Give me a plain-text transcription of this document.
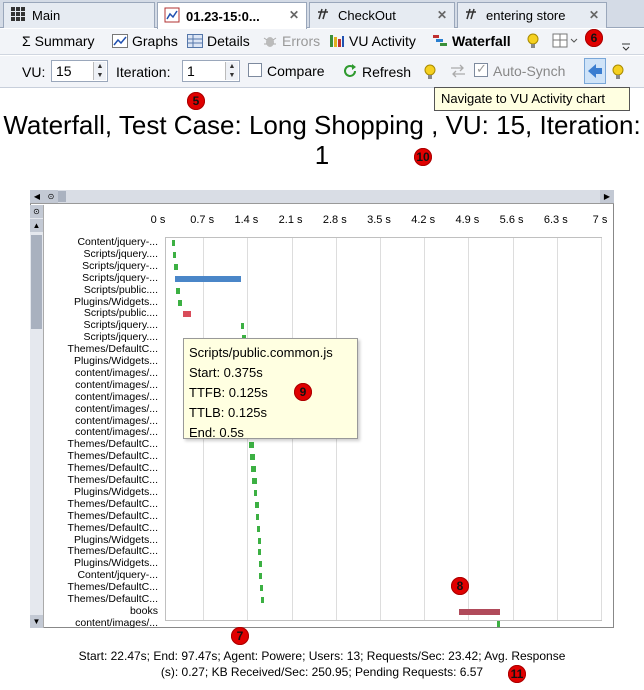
Main	01.23-15:0... ✕	CheckOut	✕	entering store ✕
Σ Summary	Graphs Details Errors VU Activity	Waterfall
VU: 15	▲
▼ Iteration:	1	▲
▼ Compare	Refresh
✓	Auto-Synch
Navigate to VU Activity chart
Waterfall, Test Case: Long Shopping , VU: 15, Iteration: 1
◀ ⊙	▶
⊙
▲
▼
0 s 0.7 s 1.4 s 2.1 s 2.8 s 3.5 s 4.2 s 4.9 s 5.6 s 6.3 s 7 s
Content/jquery-...
Scripts/jquery....
Scripts/jquery-...
Scripts/jquery-...
Scripts/public....
Plugins/Widgets...
Scripts/public....
Scripts/jquery....
Scripts/jquery....
Themes/DefaultC...
Plugins/Widgets...
content/images/...
content/images/...
content/images/...
content/images/...
content/images/...
content/images/...
Themes/DefaultC...
Themes/DefaultC...
Themes/DefaultC...
Themes/DefaultC...
Plugins/Widgets...
Themes/DefaultC...
Themes/DefaultC...
Themes/DefaultC...
Plugins/Widgets...
Themes/DefaultC...
Plugins/Widgets...
Content/jquery-...
Themes/DefaultC...
Themes/DefaultC...
books
content/images/...
Scripts/public.common.js
Start: 0.375s
TTFB: 0.125s
TTLB: 0.125s
End: 0.5s
Start: 22.47s; End: 97.47s; Agent: Powere; Users: 13; Requests/Sec: 23.42; Avg. Response
(s): 0.27; KB Received/Sec: 250.95; Pending Requests: 6.57
5
6
7
8
9
10
11
